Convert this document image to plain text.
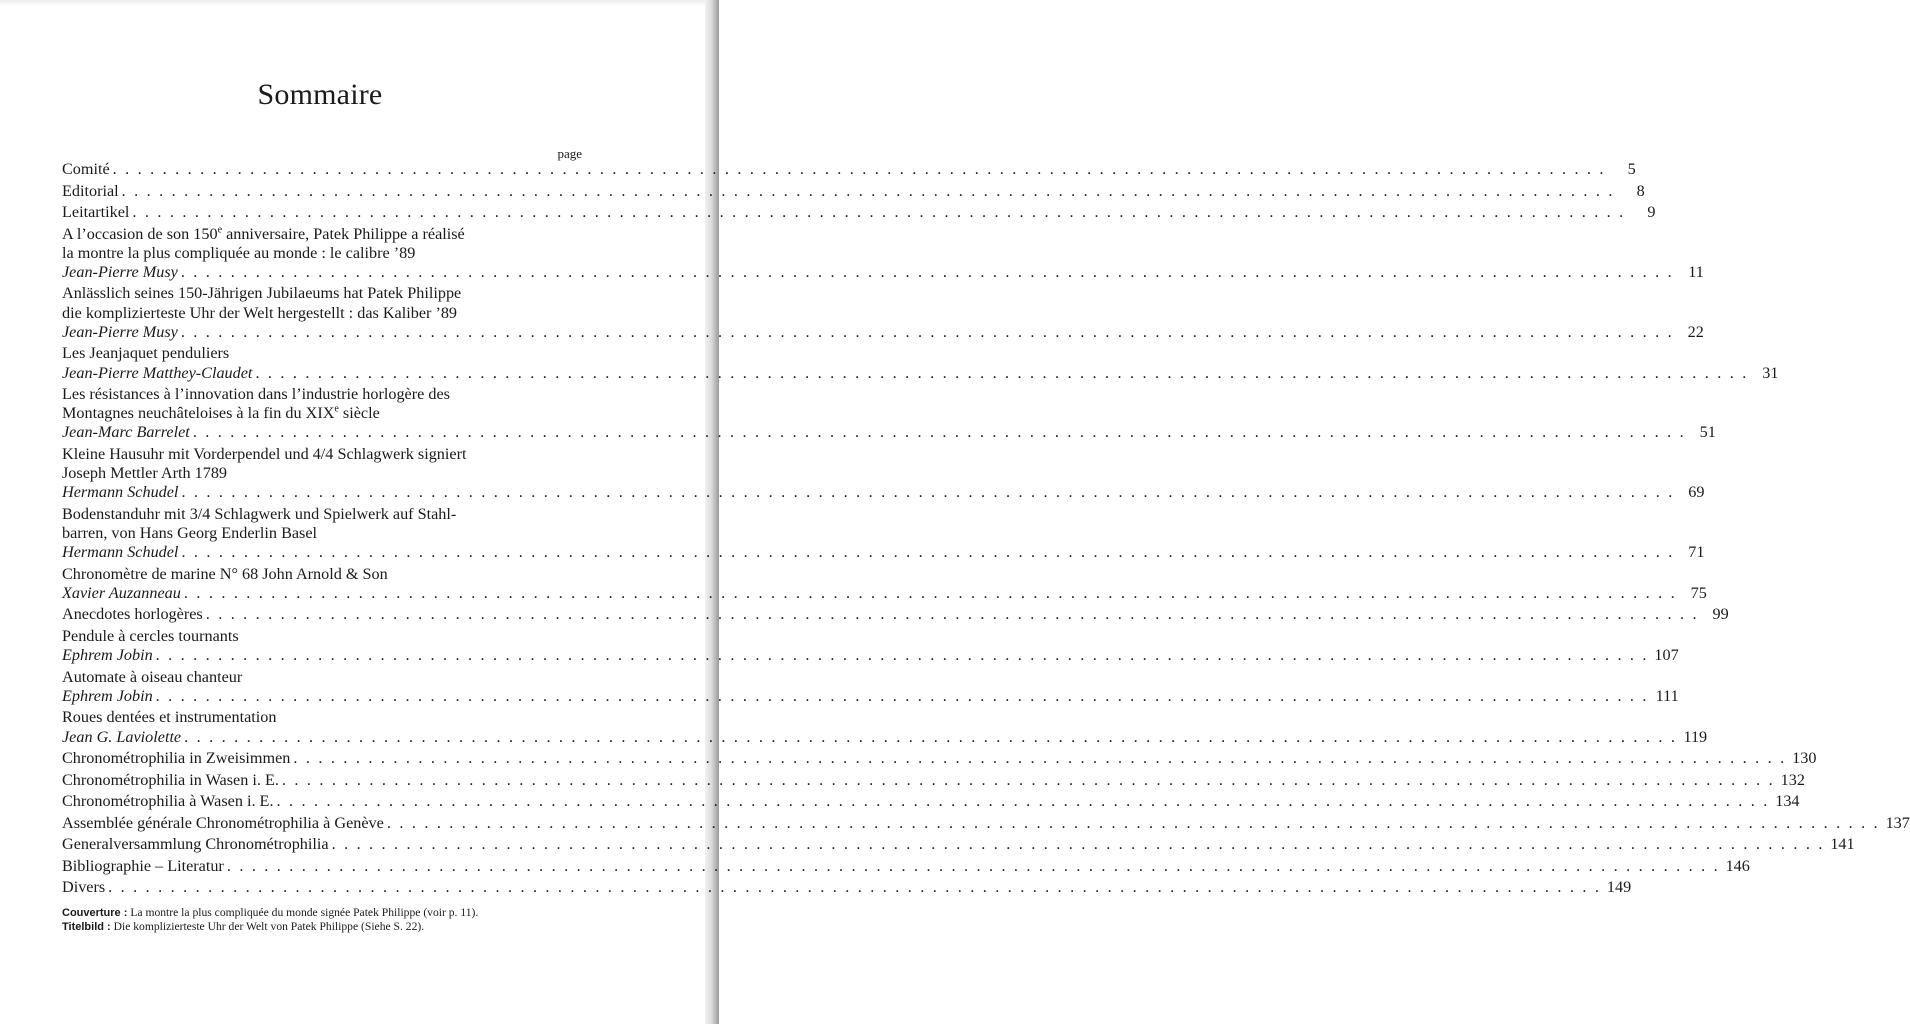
Sommaire
page
Comité . . . . . . . . . . . . . . . . . . . . . . . . . . . . . . . . . . . . . . . . . . . . . . . . . . . . . . . . . . . . . . . . . . . . . . . . . . . . . . . . . . . . . . . . . . . . . . . . . . . . . . . . . . . . . . . . . . . . . . . .	5
Editorial . . . . . . . . . . . . . . . . . . . . . . . . . . . . . . . . . . . . . . . . . . . . . . . . . . . . . . . . . . . . . . . . . . . . . . . . . . . . . . . . . . . . . . . . . . . . . . . . . . . . . . . . . . . . . . . . . . . . . . . .	8
Leitartikel . . . . . . . . . . . . . . . . . . . . . . . . . . . . . . . . . . . . . . . . . . . . . . . . . . . . . . . . . . . . . . . . . . . . . . . . . . . . . . . . . . . . . . . . . . . . . . . . . . . . . . . . . . . . . . . . . . . . . . . .	9
A l’occasion de son 150e anniversaire, Patek Philippe a réalisé
la montre la plus compliquée au monde : le calibre ’89
Jean-Pierre Musy . . . . . . . . . . . . . . . . . . . . . . . . . . . . . . . . . . . . . . . . . . . . . . . . . . . . . . . . . . . . . . . . . . . . . . . . . . . . . . . . . . . . . . . . . . . . . . . . . . . . . . . . . . . . . . . . . . . . . . . . 11
Anlässlich seines 150-Jährigen Jubilaeums hat Patek Philippe
die komplizierteste Uhr der Welt hergestellt : das Kaliber ’89
Jean-Pierre Musy . . . . . . . . . . . . . . . . . . . . . . . . . . . . . . . . . . . . . . . . . . . . . . . . . . . . . . . . . . . . . . . . . . . . . . . . . . . . . . . . . . . . . . . . . . . . . . . . . . . . . . . . . . . . . . . . . . . . . . . . 22
Les Jeanjaquet penduliers
Jean-Pierre Matthey-Claudet . . . . . . . . . . . . . . . . . . . . . . . . . . . . . . . . . . . . . . . . . . . . . . . . . . . . . . . . . . . . . . . . . . . . . . . . . . . . . . . . . . . . . . . . . . . . . . . . . . . . . . . . . . . . . . . . . . . . . . . . 31
Les résistances à l’innovation dans l’industrie horlogère des
Montagnes neuchâteloises à la fin du XIXe siècle
Jean-Marc Barrelet . . . . . . . . . . . . . . . . . . . . . . . . . . . . . . . . . . . . . . . . . . . . . . . . . . . . . . . . . . . . . . . . . . . . . . . . . . . . . . . . . . . . . . . . . . . . . . . . . . . . . . . . . . . . . . . . . . . . . . . . 51
Kleine Hausuhr mit Vorderpendel und 4/4 Schlagwerk signiert
Joseph Mettler Arth 1789
Hermann Schudel . . . . . . . . . . . . . . . . . . . . . . . . . . . . . . . . . . . . . . . . . . . . . . . . . . . . . . . . . . . . . . . . . . . . . . . . . . . . . . . . . . . . . . . . . . . . . . . . . . . . . . . . . . . . . . . . . . . . . . . . 69
Bodenstanduhr mit 3/4 Schlagwerk und Spielwerk auf Stahl-
barren, von Hans Georg Enderlin Basel
Hermann Schudel . . . . . . . . . . . . . . . . . . . . . . . . . . . . . . . . . . . . . . . . . . . . . . . . . . . . . . . . . . . . . . . . . . . . . . . . . . . . . . . . . . . . . . . . . . . . . . . . . . . . . . . . . . . . . . . . . . . . . . . . 71
Chronomètre de marine N° 68 John Arnold & Son
Xavier Auzanneau . . . . . . . . . . . . . . . . . . . . . . . . . . . . . . . . . . . . . . . . . . . . . . . . . . . . . . . . . . . . . . . . . . . . . . . . . . . . . . . . . . . . . . . . . . . . . . . . . . . . . . . . . . . . . . . . . . . . . . . . 75
Anecdotes horlogères . . . . . . . . . . . . . . . . . . . . . . . . . . . . . . . . . . . . . . . . . . . . . . . . . . . . . . . . . . . . . . . . . . . . . . . . . . . . . . . . . . . . . . . . . . . . . . . . . . . . . . . . . . . . . . . . . . . . . . . . 99
Pendule à cercles tournants
Ephrem Jobin . . . . . . . . . . . . . . . . . . . . . . . . . . . . . . . . . . . . . . . . . . . . . . . . . . . . . . . . . . . . . . . . . . . . . . . . . . . . . . . . . . . . . . . . . . . . . . . . . . . . . . . . . . . . . . . . . . . . . . . . 107
Automate à oiseau chanteur
Ephrem Jobin . . . . . . . . . . . . . . . . . . . . . . . . . . . . . . . . . . . . . . . . . . . . . . . . . . . . . . . . . . . . . . . . . . . . . . . . . . . . . . . . . . . . . . . . . . . . . . . . . . . . . . . . . . . . . . . . . . . . . . . . 111
Roues dentées et instrumentation
Jean G. Laviolette . . . . . . . . . . . . . . . . . . . . . . . . . . . . . . . . . . . . . . . . . . . . . . . . . . . . . . . . . . . . . . . . . . . . . . . . . . . . . . . . . . . . . . . . . . . . . . . . . . . . . . . . . . . . . . . . . . . . . . . . 119
Chronométrophilia in Zweisimmen . . . . . . . . . . . . . . . . . . . . . . . . . . . . . . . . . . . . . . . . . . . . . . . . . . . . . . . . . . . . . . . . . . . . . . . . . . . . . . . . . . . . . . . . . . . . . . . . . . . . . . . . . . . . . . . . . . . . . . . . 130
Chronométrophilia in Wasen i. E. . . . . . . . . . . . . . . . . . . . . . . . . . . . . . . . . . . . . . . . . . . . . . . . . . . . . . . . . . . . . . . . . . . . . . . . . . . . . . . . . . . . . . . . . . . . . . . . . . . . . . . . . . . . . . . . . . . . . . . . . 132
Chronométrophilia à Wasen i. E. . . . . . . . . . . . . . . . . . . . . . . . . . . . . . . . . . . . . . . . . . . . . . . . . . . . . . . . . . . . . . . . . . . . . . . . . . . . . . . . . . . . . . . . . . . . . . . . . . . . . . . . . . . . . . . . . . . . . . . . . 134
Assemblée générale Chronométrophilia à Genève . . . . . . . . . . . . . . . . . . . . . . . . . . . . . . . . . . . . . . . . . . . . . . . . . . . . . . . . . . . . . . . . . . . . . . . . . . . . . . . . . . . . . . . . . . . . . . . . . . . . . . . . . . . . . . . . . . . . . . . . 137
Generalversammlung Chronométrophilia . . . . . . . . . . . . . . . . . . . . . . . . . . . . . . . . . . . . . . . . . . . . . . . . . . . . . . . . . . . . . . . . . . . . . . . . . . . . . . . . . . . . . . . . . . . . . . . . . . . . . . . . . . . . . . . . . . . . . . . . 141
Bibliographie – Literatur . . . . . . . . . . . . . . . . . . . . . . . . . . . . . . . . . . . . . . . . . . . . . . . . . . . . . . . . . . . . . . . . . . . . . . . . . . . . . . . . . . . . . . . . . . . . . . . . . . . . . . . . . . . . . . . . . . . . . . . . 146
Divers . . . . . . . . . . . . . . . . . . . . . . . . . . . . . . . . . . . . . . . . . . . . . . . . . . . . . . . . . . . . . . . . . . . . . . . . . . . . . . . . . . . . . . . . . . . . . . . . . . . . . . . . . . . . . . . . . . . . . . . . 149
Couverture : La montre la plus compliquée du monde signée Patek Philippe (voir p. 11).
Titelbild : Die komplizierteste Uhr der Welt von Patek Philippe (Siehe S. 22).
